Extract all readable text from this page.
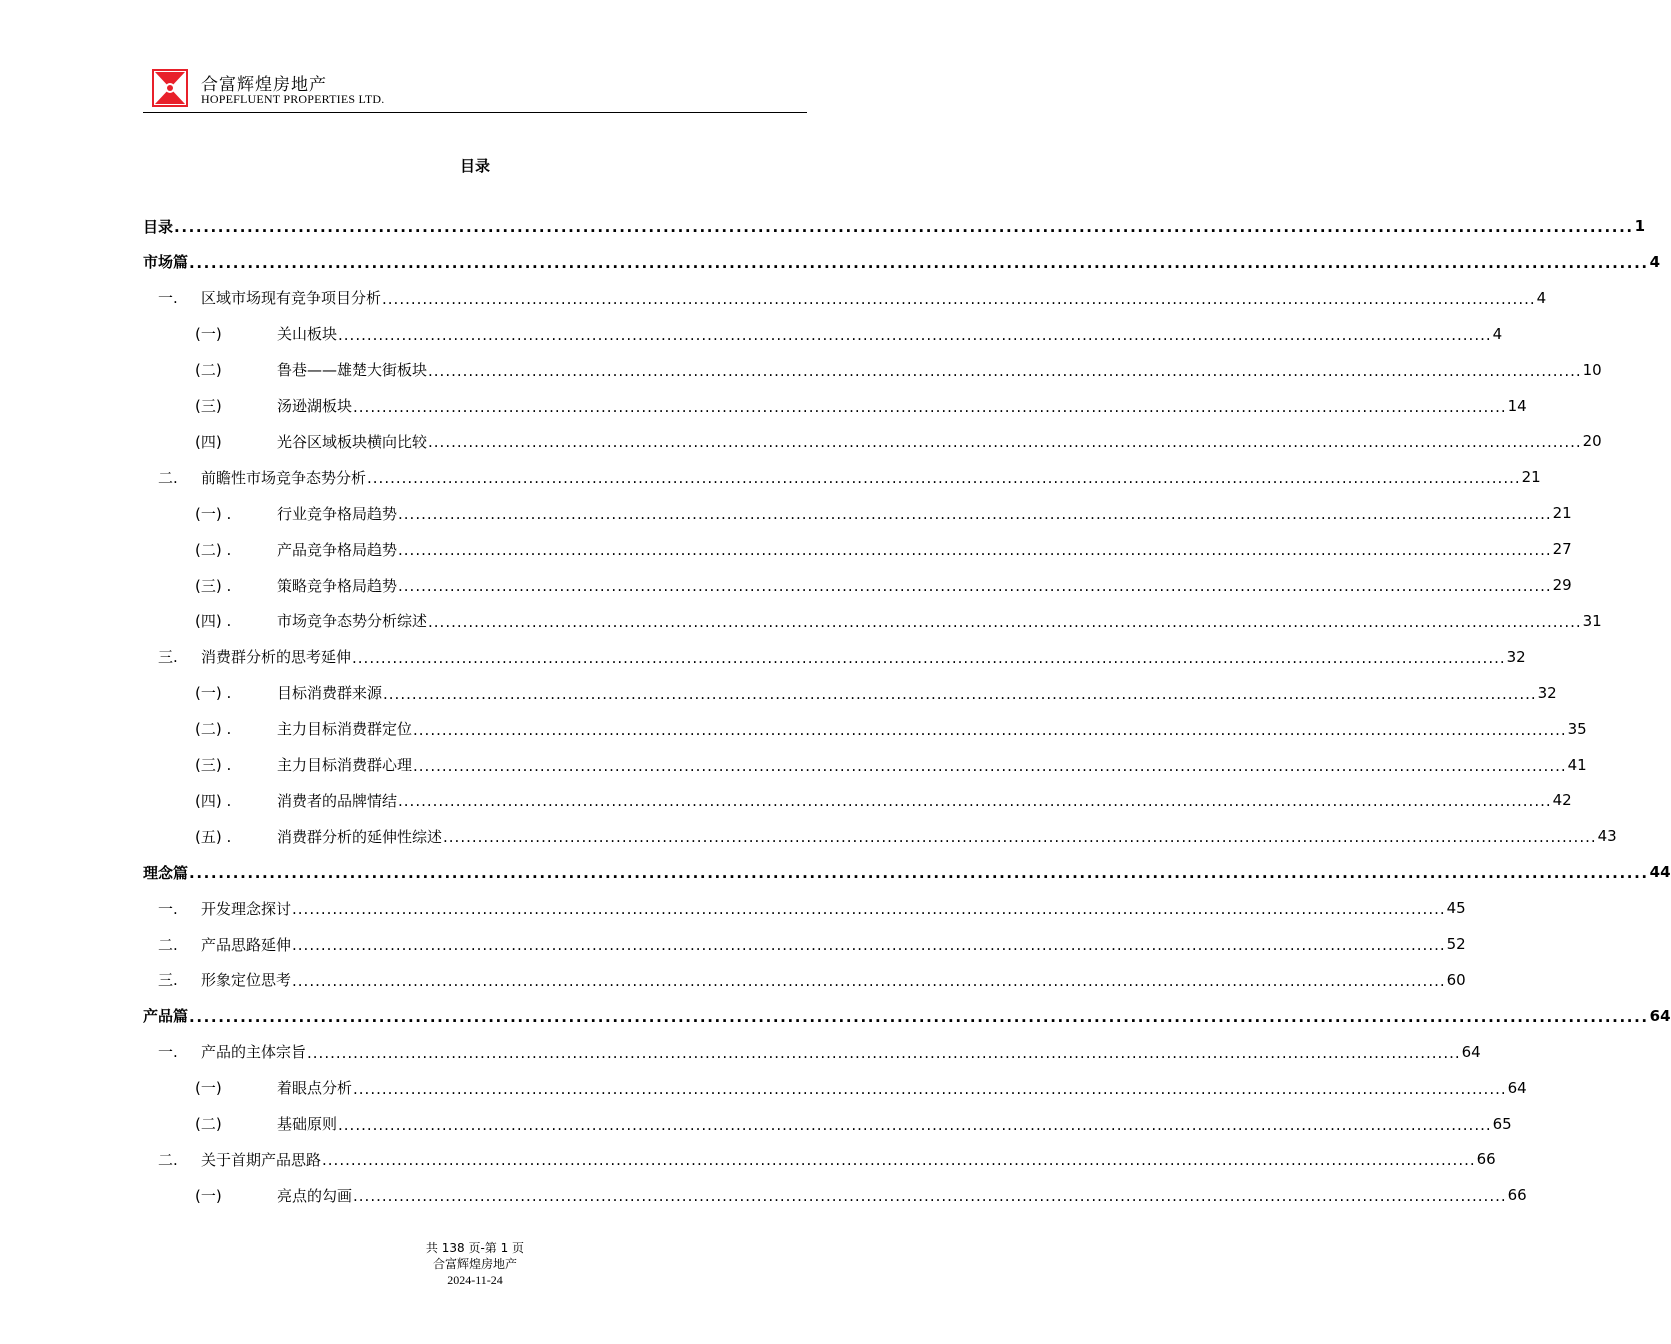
合富辉煌房地产
HOPEFLUENT PROPERTIES LTD.
目录
目录 ........................................................................................................................................................................................................ 1
市场篇 ........................................................................................................................................................................................................ 4
一.	区域市场现有竞争项目分析 ........................................................................................................................................................................................................ 4
(一)	关山板块 ........................................................................................................................................................................................................ 4
(二)	鲁巷——雄楚大街板块 ........................................................................................................................................................................................................ 10
(三)	汤逊湖板块 ........................................................................................................................................................................................................ 14
(四)	光谷区域板块横向比较 ........................................................................................................................................................................................................ 20
二.	前瞻性市场竞争态势分析 ........................................................................................................................................................................................................ 21
(一) .	行业竞争格局趋势 ........................................................................................................................................................................................................ 21
(二) .	产品竞争格局趋势 ........................................................................................................................................................................................................ 27
(三) .	策略竞争格局趋势 ........................................................................................................................................................................................................ 29
(四) .	市场竞争态势分析综述 ........................................................................................................................................................................................................ 31
三.	消费群分析的思考延伸 ........................................................................................................................................................................................................ 32
(一) .	目标消费群来源 ........................................................................................................................................................................................................ 32
(二) .	主力目标消费群定位 ........................................................................................................................................................................................................ 35
(三) .	主力目标消费群心理 ........................................................................................................................................................................................................ 41
(四) .	消费者的品牌情结 ........................................................................................................................................................................................................ 42
(五) .	消费群分析的延伸性综述 ........................................................................................................................................................................................................ 43
理念篇 ........................................................................................................................................................................................................ 44
一.	开发理念探讨 ........................................................................................................................................................................................................ 45
二.	产品思路延伸 ........................................................................................................................................................................................................ 52
三.	形象定位思考 ........................................................................................................................................................................................................ 60
产品篇 ........................................................................................................................................................................................................ 64
一.	产品的主体宗旨 ........................................................................................................................................................................................................ 64
(一)	着眼点分析 ........................................................................................................................................................................................................ 64
(二)	基础原则 ........................................................................................................................................................................................................ 65
二.	关于首期产品思路 ........................................................................................................................................................................................................ 66
(一)	亮点的勾画 ........................................................................................................................................................................................................ 66
共 138 页-第 1 页
合富辉煌房地产
2024-11-24
